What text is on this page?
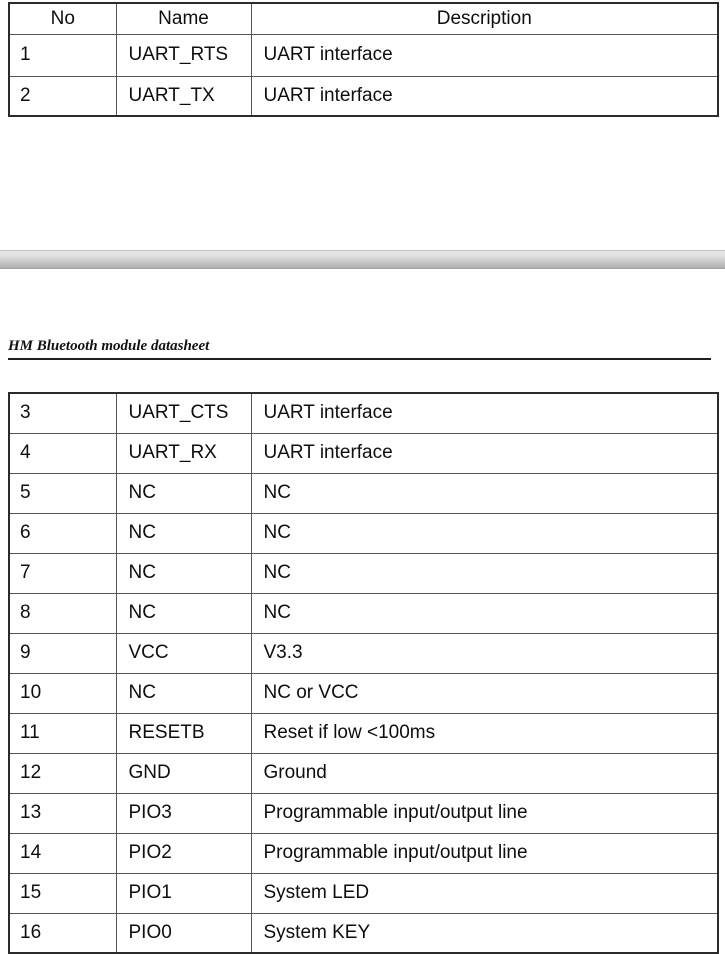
No	Name	Description
1	UART_RTS	UART interface
2	UART_TX	UART interface
HM Bluetooth module datasheet
3	UART_CTS	UART interface
4	UART_RX	UART interface
5	NC	NC
6	NC	NC
7	NC	NC
8	NC	NC
9	VCC	V3.3
10	NC	NC or VCC
11	RESETB	Reset if low <100ms
12	GND	Ground
13	PIO3	Programmable input/output line
14	PIO2	Programmable input/output line
15	PIO1	System LED
16	PIO0	System KEY
